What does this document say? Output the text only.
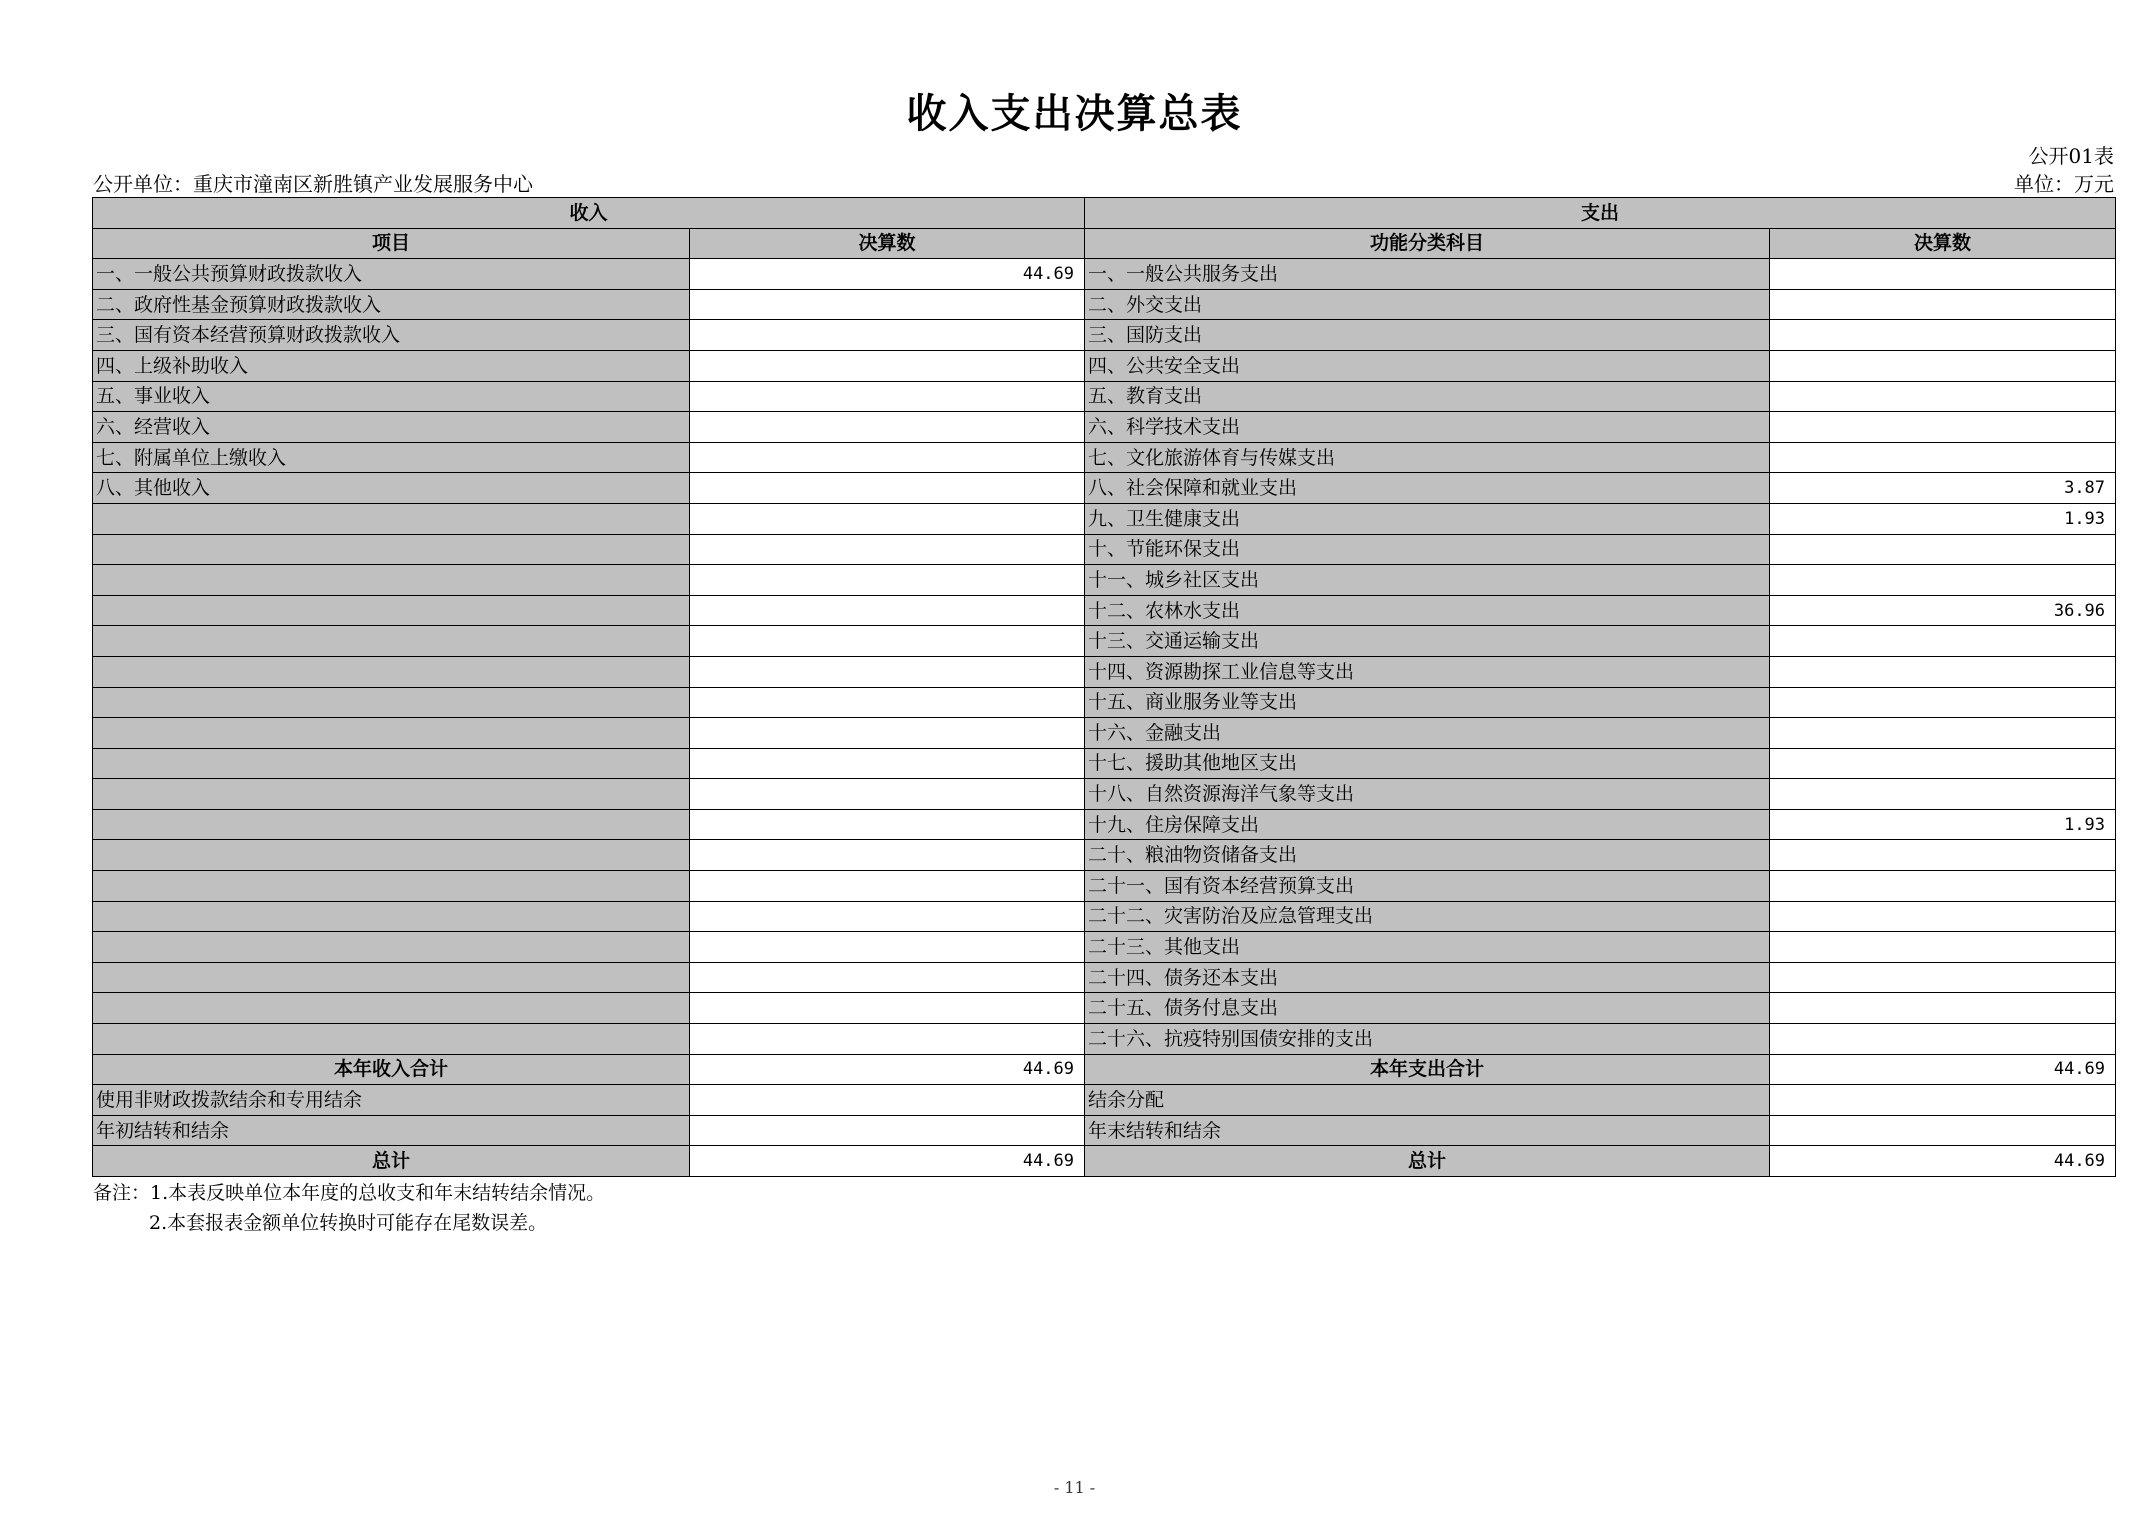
收入支出决算总表
公开01表
公开单位：重庆市潼南区新胜镇产业发展服务中心	单位：万元
收入		支出	
项目	决算数	功能分类科目	决算数
一、一般公共预算财政拨款收入	44.69	一、一般公共服务支出	
二、政府性基金预算财政拨款收入		二、外交支出	
三、国有资本经营预算财政拨款收入		三、国防支出	
四、上级补助收入		四、公共安全支出	
五、事业收入		五、教育支出	
六、经营收入		六、科学技术支出	
七、附属单位上缴收入		七、文化旅游体育与传媒支出	
八、其他收入		八、社会保障和就业支出	3.87
		九、卫生健康支出	1.93
		十、节能环保支出	
		十一、城乡社区支出	
		十二、农林水支出	36.96
		十三、交通运输支出	
		十四、资源勘探工业信息等支出	
		十五、商业服务业等支出	
		十六、金融支出	
		十七、援助其他地区支出	
		十八、自然资源海洋气象等支出	
		十九、住房保障支出	1.93
		二十、粮油物资储备支出	
		二十一、国有资本经营预算支出	
		二十二、灾害防治及应急管理支出	
		二十三、其他支出	
		二十四、债务还本支出	
		二十五、债务付息支出	
		二十六、抗疫特别国债安排的支出	
本年收入合计	44.69	本年支出合计	44.69
使用非财政拨款结余和专用结余		结余分配	
年初结转和结余		年末结转和结余	
总计	44.69	总计	44.69
备注：1.本表反映单位本年度的总收支和年末结转结余情况。
2.本套报表金额单位转换时可能存在尾数误差。
- 11 -
